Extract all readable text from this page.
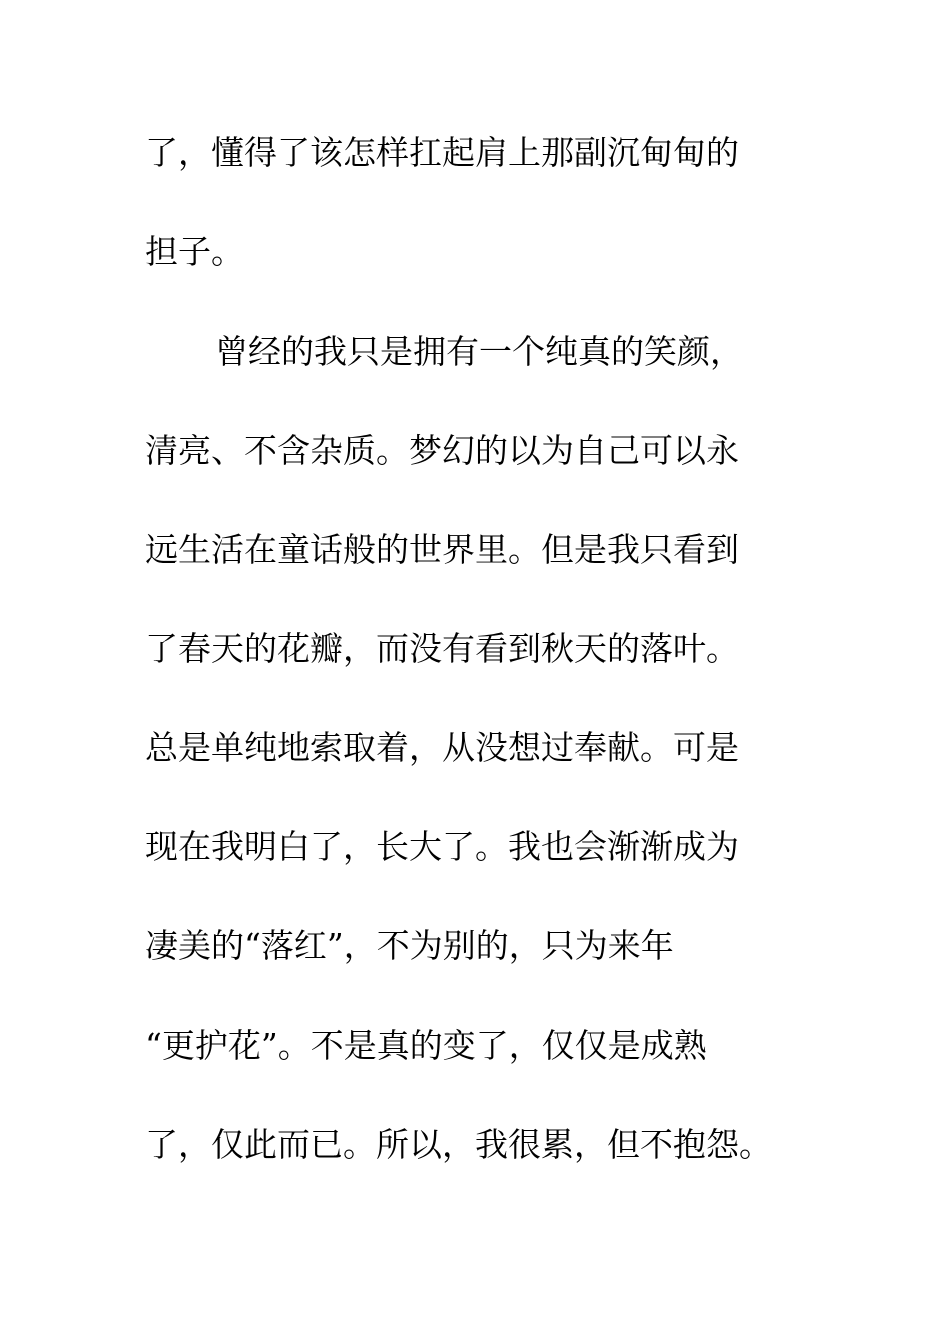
了，懂得了该怎样扛起肩上那副沉甸甸的
担子。
曾经的我只是拥有一个纯真的笑颜，
清亮、不含杂质。梦幻的以为自己可以永
远生活在童话般的世界里。但是我只看到
了春天的花瓣，而没有看到秋天的落叶。
总是单纯地索取着，从没想过奉献。可是
现在我明白了，长大了。我也会渐渐成为
凄美的“落红”，不为别的，只为来年
“更护花”。不是真的变了，仅仅是成熟
了，仅此而已。所以，我很累，但不抱怨。
